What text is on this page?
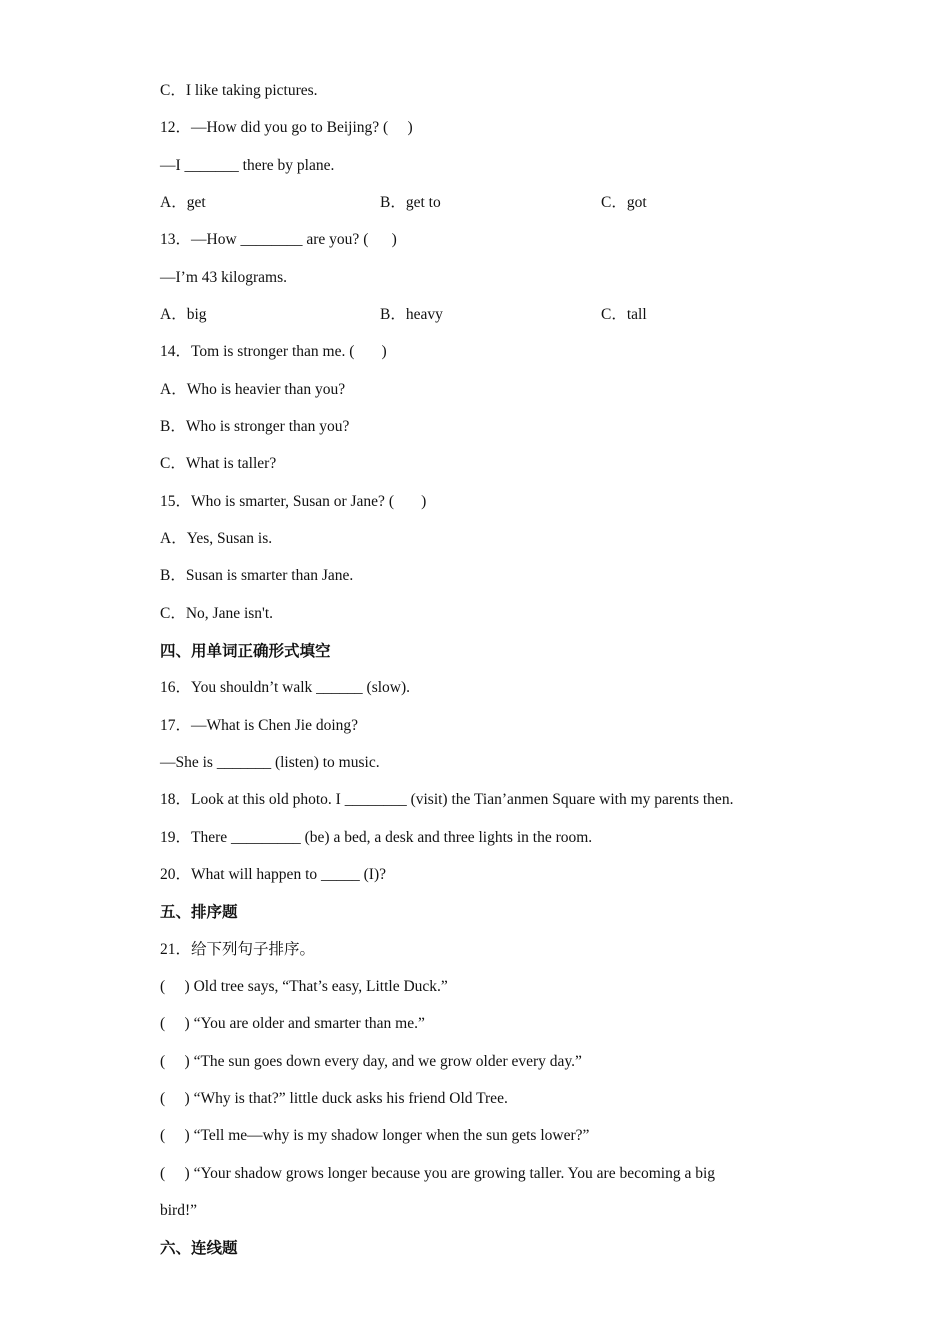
C．I like taking pictures.
12．—How did you go to Beijing? (     )
—I _______ there by plane.
A．get	B．get to	C．got
13．—How ________ are you? (      )
—I’m 43 kilograms.
A．big	B．heavy	C．tall
14．Tom is stronger than me. (       )
A．Who is heavier than you?
B．Who is stronger than you?
C．What is taller?
15．Who is smarter, Susan or Jane? (       )
A．Yes, Susan is.
B．Susan is smarter than Jane.
C．No, Jane isn't.
四、用单词正确形式填空
16．You shouldn’t walk ______ (slow).
17．—What is Chen Jie doing?
—She is _______ (listen) to music.
18．Look at this old photo. I ________ (visit) the Tian’anmen Square with my parents then.
19．There _________ (be) a bed, a desk and three lights in the room.
20．What will happen to _____ (I)?
五、排序题
21．给下列句子排序。
(     ) Old tree says, “That’s easy, Little Duck.”
(     ) “You are older and smarter than me.”
(     ) “The sun goes down every day, and we grow older every day.”
(     ) “Why is that?” little duck asks his friend Old Tree.
(     ) “Tell me—why is my shadow longer when the sun gets lower?”
(     ) “Your shadow grows longer because you are growing taller. You are becoming a big
bird!”
六、连线题
